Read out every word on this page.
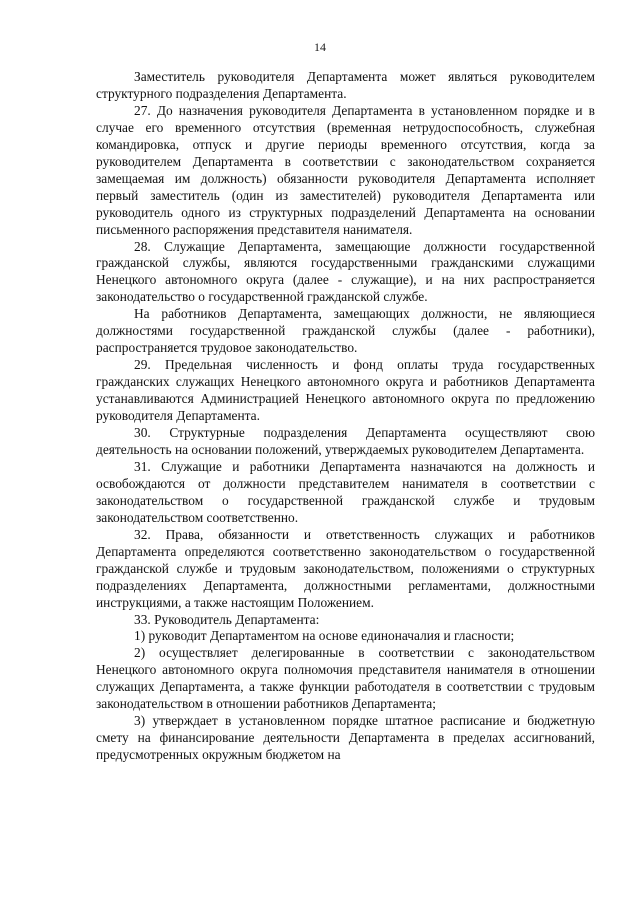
14

Заместитель руководителя Департамента может являться руководителем структурного подразделения Департамента.

27. До назначения руководителя Департамента в установленном порядке и в случае его временного отсутствия (временная нетрудоспособность, служебная командировка, отпуск и другие периоды временного отсутствия, когда за руководителем Департамента в соответствии с законодательством сохраняется замещаемая им должность) обязанности руководителя Департамента исполняет первый заместитель (один из заместителей) руководителя Департамента или руководитель одного из структурных подразделений Департамента на основании письменного распоряжения представителя нанимателя.

28. Служащие Департамента, замещающие должности государственной гражданской службы, являются государственными гражданскими служащими Ненецкого автономного округа (далее - служащие), и на них распространяется законодательство о государственной гражданской службе.

На работников Департамента, замещающих должности, не являющиеся должностями государственной гражданской службы (далее - работники), распространяется трудовое законодательство.

29. Предельная численность и фонд оплаты труда государственных гражданских служащих Ненецкого автономного округа и работников Департамента устанавливаются Администрацией Ненецкого автономного округа по предложению руководителя Департамента.

30. Структурные подразделения Департамента осуществляют свою деятельность на основании положений, утверждаемых руководителем Департамента.

31. Служащие и работники Департамента назначаются на должность и освобождаются от должности представителем нанимателя в соответствии с законодательством о государственной гражданской службе и трудовым законодательством соответственно.

32. Права, обязанности и ответственность служащих и работников Департамента определяются соответственно законодательством о государственной гражданской службе и трудовым законодательством, положениями о структурных подразделениях Департамента, должностными регламентами, должностными инструкциями, а также настоящим Положением.

33. Руководитель Департамента:

1) руководит Департаментом на основе единоначалия и гласности;

2) осуществляет делегированные в соответствии с законодательством Ненецкого автономного округа полномочия представителя нанимателя в отношении служащих Департамента, а также функции работодателя в соответствии с трудовым законодательством в отношении работников Департамента;

3) утверждает в установленном порядке штатное расписание и бюджетную смету на финансирование деятельности Департамента в пределах ассигнований, предусмотренных окружным бюджетом на
